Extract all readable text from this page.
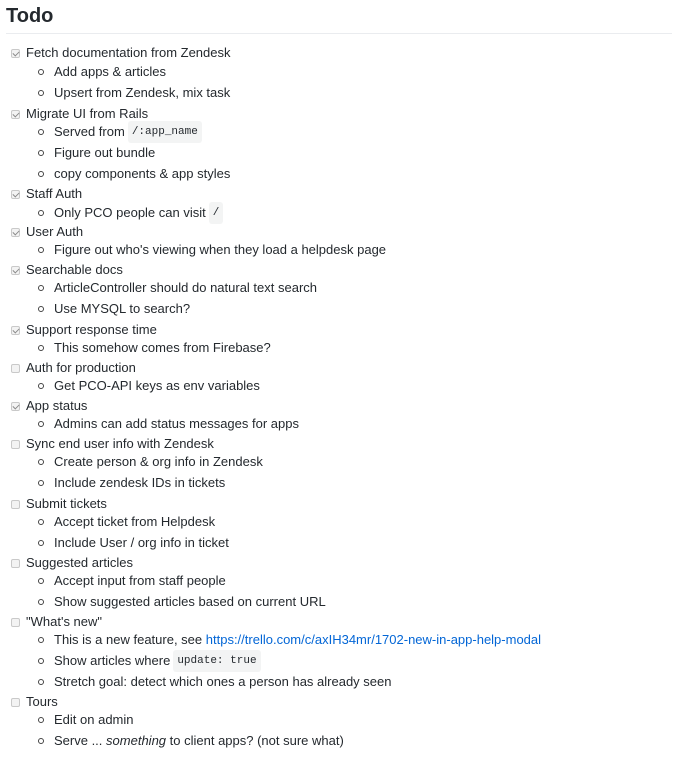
Todo
Fetch documentation from Zendesk
Add apps & articles
Upsert from Zendesk, mix task
Migrate UI from Rails
Served from /:app_name
Figure out bundle
copy components & app styles
Staff Auth
Only PCO people can visit /
User Auth
Figure out who's viewing when they load a helpdesk page
Searchable docs
ArticleController should do natural text search
Use MYSQL to search?
Support response time
This somehow comes from Firebase?
Auth for production
Get PCO-API keys as env variables
App status
Admins can add status messages for apps
Sync end user info with Zendesk
Create person & org info in Zendesk
Include zendesk IDs in tickets
Submit tickets
Accept ticket from Helpdesk
Include User / org info in ticket
Suggested articles
Accept input from staff people
Show suggested articles based on current URL
"What's new"
This is a new feature, see
https://trello.com/c/axIH34mr/1702-new-in-app-help-modal
Show articles where update: true
Stretch goal: detect which ones a person has already seen
Tours
Edit on admin
Serve ...
something
to client apps? (not sure what)
